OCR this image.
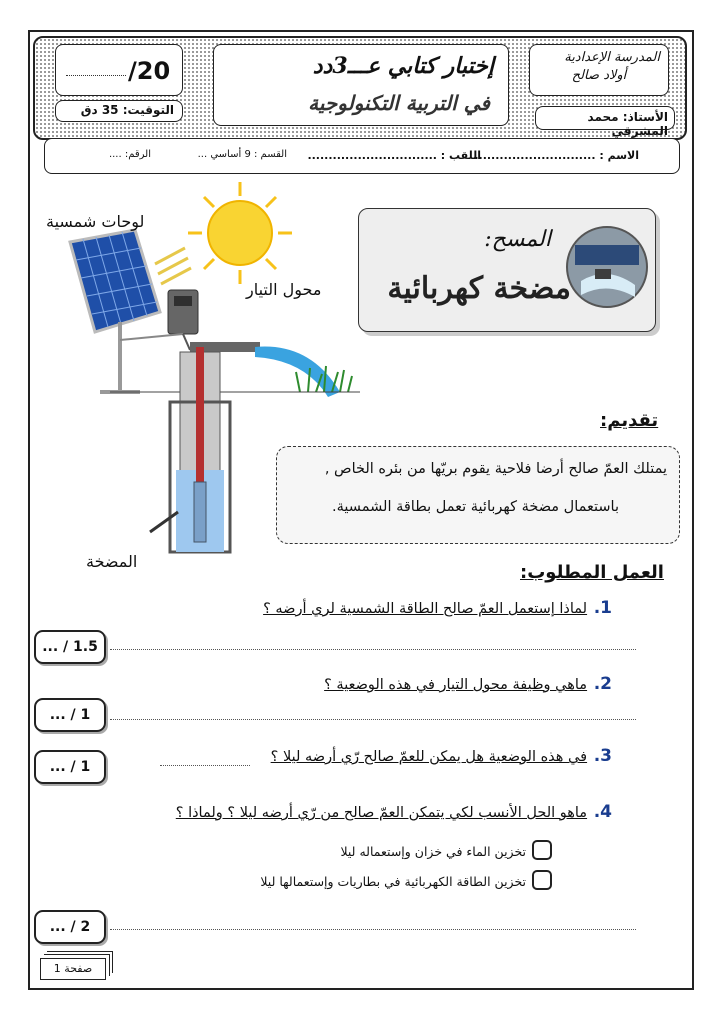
/20
التوقيت: 35 دق
إختبار كتابي عـــ3دد
في التربية التكنولوجية
المدرسة الإعدادية
أولاد صالح
الأستاذ: محمد المشرقي
الاسم : .............................
اللقب : ...............................
القسم : 9 أساسي ...
الرقم: ....
لوحات شمسية
محول التيار
المضخة
المسح:
مضخة كهربائية
تقديم:
يمتلك العمّ صالح أرضا فلاحية يقوم بريّها من بئره الخاص ,
باستعمال مضخة كهربائية تعمل بطاقة الشمسية.
العمل المطلوب:
1. لماذا إستعمل العمّ صالح الطاقة الشمسية لري أرضه ؟
... / 1.5
2. ماهي وظيفة محول التيار في هذه الوضعية ؟
... / 1
3. في هذه الوضعية هل يمكن للعمّ صالح رّي أرضه ليلا ؟
... / 1
4. ماهو الحل الأنسب لكي يتمكن العمّ صالح من رّي أرضه ليلا ؟ ولماذا ؟
تخزين الماء في خزان وإستعماله ليلا
تخزين الطاقة الكهربائية في بطاريات وإستعمالها ليلا
... / 2
صفحة 1
